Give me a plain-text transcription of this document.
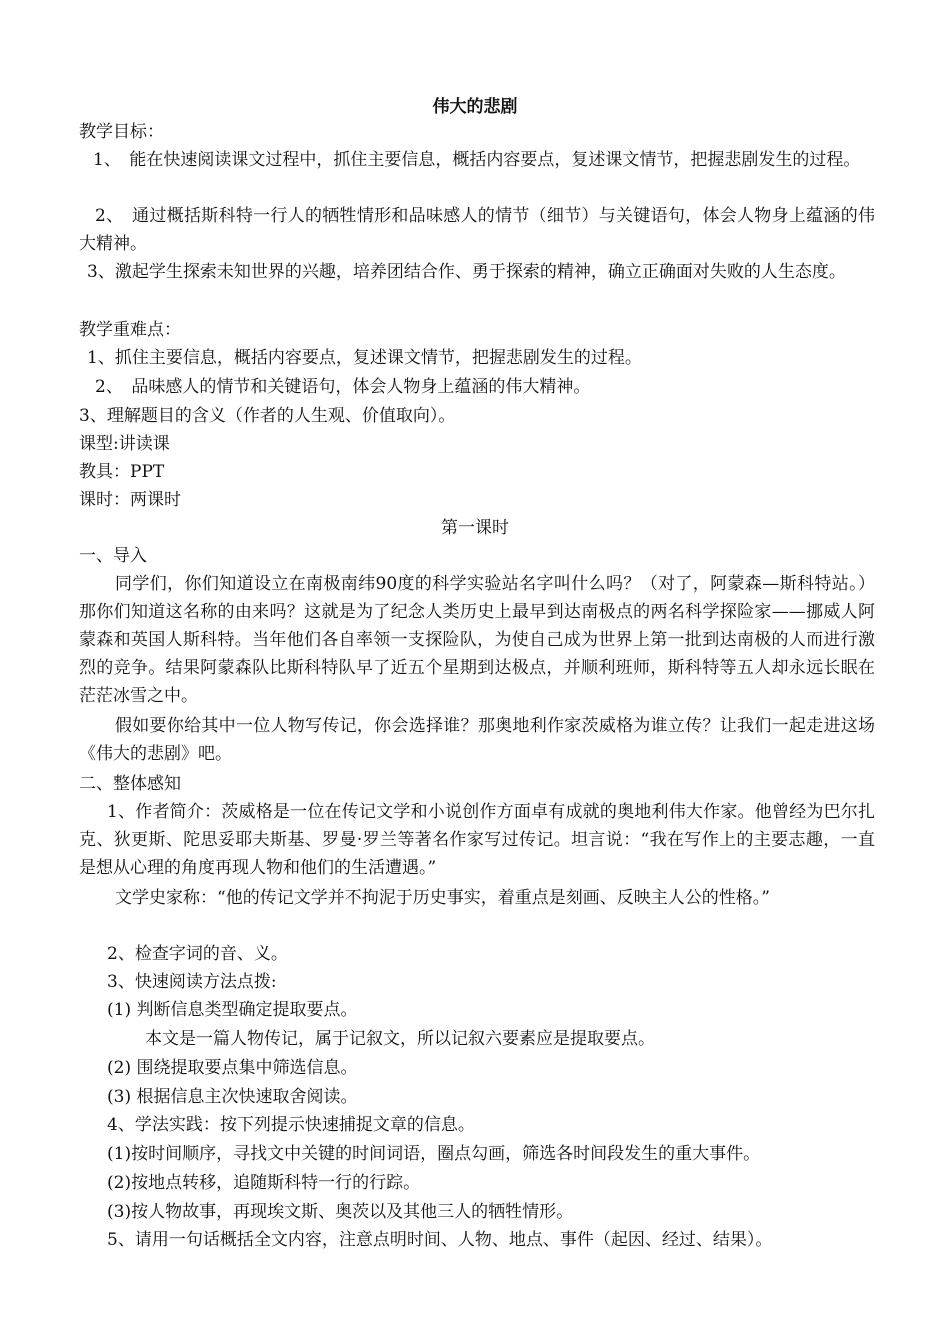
伟大的悲剧
教学目标：
1、　能在快速阅读课文过程中，抓住主要信息，概括内容要点，复述课文情节，把握悲剧发生的过程。
2、　通过概括斯科特一行人的牺牲情形和品味感人的情节（细节）与关键语句，体会人物身上蕴涵的伟大精神。
3、激起学生探索未知世界的兴趣，培养团结合作、勇于探索的精神，确立正确面对失败的人生态度。
教学重难点：
1、抓住主要信息，概括内容要点，复述课文情节，把握悲剧发生的过程。
2、　品味感人的情节和关键语句，体会人物身上蕴涵的伟大精神。
3、理解题目的含义（作者的人生观、价值取向）。
课型:讲读课
教具：PPT
课时：两课时
第一课时
一、导入
同学们，你们知道设立在南极南纬90度的科学实验站名字叫什么吗？（对了，阿蒙森—斯科特站。）那你们知道这名称的由来吗？这就是为了纪念人类历史上最早到达南极点的两名科学探险家——挪威人阿蒙森和英国人斯科特。当年他们各自率领一支探险队，为使自己成为世界上第一批到达南极的人而进行激烈的竞争。结果阿蒙森队比斯科特队早了近五个星期到达极点，并顺利班师，斯科特等五人却永远长眠在茫茫冰雪之中。
假如要你给其中一位人物写传记，你会选择谁？那奥地利作家茨威格为谁立传？让我们一起走进这场《伟大的悲剧》吧。
二、整体感知
1、作者简介：茨威格是一位在传记文学和小说创作方面卓有成就的奥地利伟大作家。他曾经为巴尔扎克、狄更斯、陀思妥耶夫斯基、罗曼·罗兰等著名作家写过传记。坦言说：“我在写作上的主要志趣，一直是想从心理的角度再现人物和他们的生活遭遇。”
文学史家称：“他的传记文学并不拘泥于历史事实，着重点是刻画、反映主人公的性格。”
2、检查字词的音、义。
3、快速阅读方法点拨:
(1) 判断信息类型确定提取要点。
本文是一篇人物传记，属于记叙文，所以记叙六要素应是提取要点。
(2) 围绕提取要点集中筛选信息。
(3) 根据信息主次快速取舍阅读。
4、学法实践：按下列提示快速捕捉文章的信息。
(1)按时间顺序，寻找文中关键的时间词语，圈点勾画，筛选各时间段发生的重大事件。
(2)按地点转移，追随斯科特一行的行踪。
(3)按人物故事，再现埃文斯、奥茨以及其他三人的牺牲情形。
5、请用一句话概括全文内容，注意点明时间、人物、地点、事件（起因、经过、结果）。
